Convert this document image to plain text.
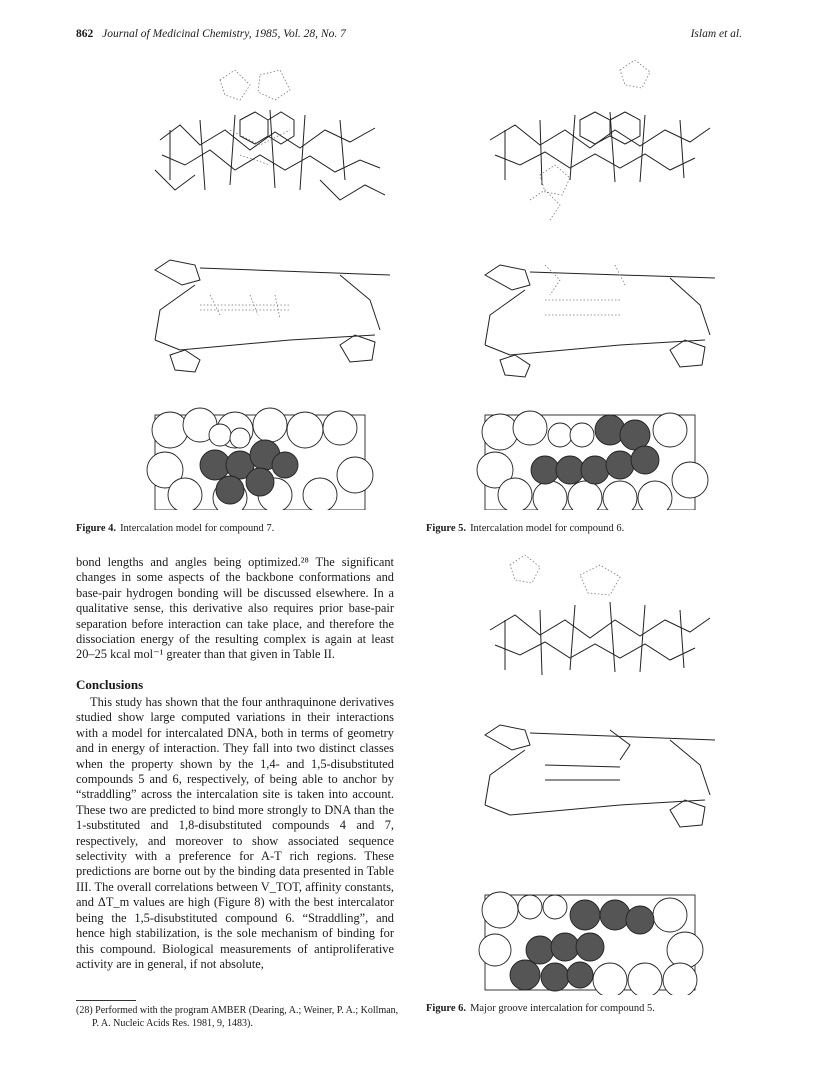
862 Journal of Medicinal Chemistry, 1985, Vol. 28, No. 7	Islam et al.
Figure 4. Intercalation model for compound 7.	Figure 5. Intercalation model for compound 6.
Figure 6. Major groove intercalation for compound 5.

bond lengths and angles being optimized.²⁸ The significant changes in some aspects of the backbone conformations and base-pair hydrogen bonding will be discussed elsewhere. In a qualitative sense, this derivative also requires prior base-pair separation before interaction can take place, and therefore the dissociation energy of the resulting complex is again at least 20–25 kcal mol⁻¹ greater than that given in Table II.

Conclusions

This study has shown that the four anthraquinone derivatives studied show large computed variations in their interactions with a model for intercalated DNA, both in terms of geometry and in energy of interaction. They fall into two distinct classes when the property shown by the 1,4- and 1,5-disubstituted compounds 5 and 6, respectively, of being able to anchor by “straddling” across the intercalation site is taken into account. These two are predicted to bind more strongly to DNA than the 1-substituted and 1,8-disubstituted compounds 4 and 7, respectively, and moreover to show associated sequence selectivity with a preference for A-T rich regions. These predictions are borne out by the binding data presented in Table III. The overall correlations between V_TOT, affinity constants, and ΔT_m values are high (Figure 8) with the best intercalator being the 1,5-disubstituted compound 6. “Straddling”, and hence high stabilization, is the sole mechanism of binding for this compound. Biological measurements of antiproliferative activity are in general, if not absolute,

(28) Performed with the program AMBER (Dearing, A.; Weiner, P. A.; Kollman, P. A. Nucleic Acids Res. 1981, 9, 1483).
